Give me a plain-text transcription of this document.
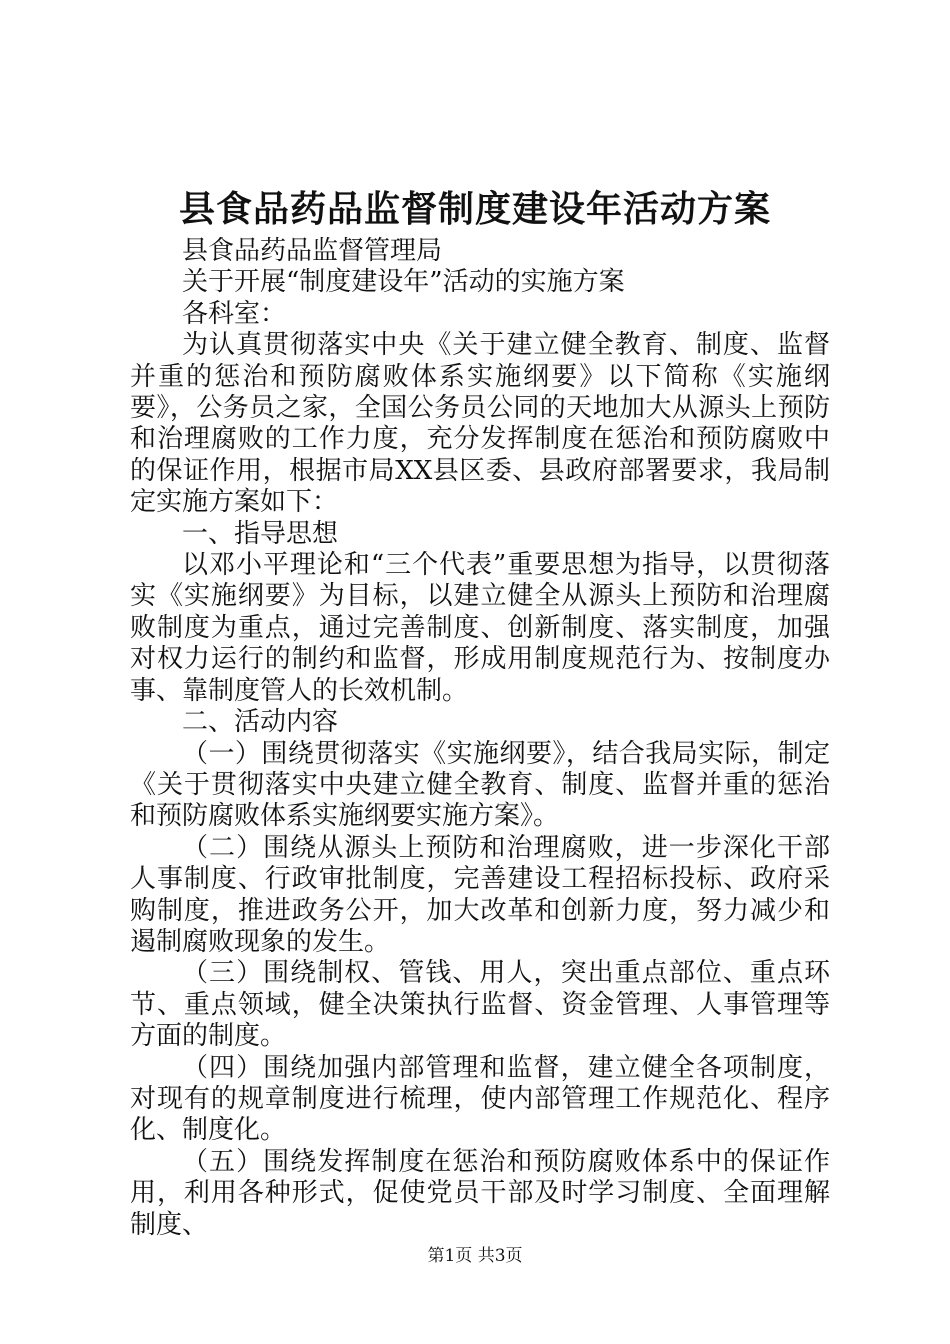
县食品药品监督制度建设年活动方案

县食品药品监督管理局

关于开展“制度建设年”活动的实施方案

各科室：

为认真贯彻落实中央《关于建立健全教育、制度、监督并重的惩治和预防腐败体系实施纲要》以下简称《实施纲要》，公务员之家，全国公务员公同的天地加大从源头上预防和治理腐败的工作力度，充分发挥制度在惩治和预防腐败中的保证作用，根据市局XX县区委、县政府部署要求，我局制定实施方案如下：

一、指导思想

以邓小平理论和“三个代表”重要思想为指导，以贯彻落实《实施纲要》为目标，以建立健全从源头上预防和治理腐败制度为重点，通过完善制度、创新制度、落实制度，加强对权力运行的制约和监督，形成用制度规范行为、按制度办事、靠制度管人的长效机制。

二、活动内容

（一）围绕贯彻落实《实施纲要》，结合我局实际，制定《关于贯彻落实中央建立健全教育、制度、监督并重的惩治和预防腐败体系实施纲要实施方案》。

（二）围绕从源头上预防和治理腐败，进一步深化干部人事制度、行政审批制度，完善建设工程招标投标、政府采购制度，推进政务公开，加大改革和创新力度，努力减少和遏制腐败现象的发生。

（三）围绕制权、管钱、用人，突出重点部位、重点环节、重点领域，健全决策执行监督、资金管理、人事管理等方面的制度。

（四）围绕加强内部管理和监督，建立健全各项制度，对现有的规章制度进行梳理，使内部管理工作规范化、程序化、制度化。

（五）围绕发挥制度在惩治和预防腐败体系中的保证作用，利用各种形式，促使党员干部及时学习制度、全面理解制度、

第1页 共3页
